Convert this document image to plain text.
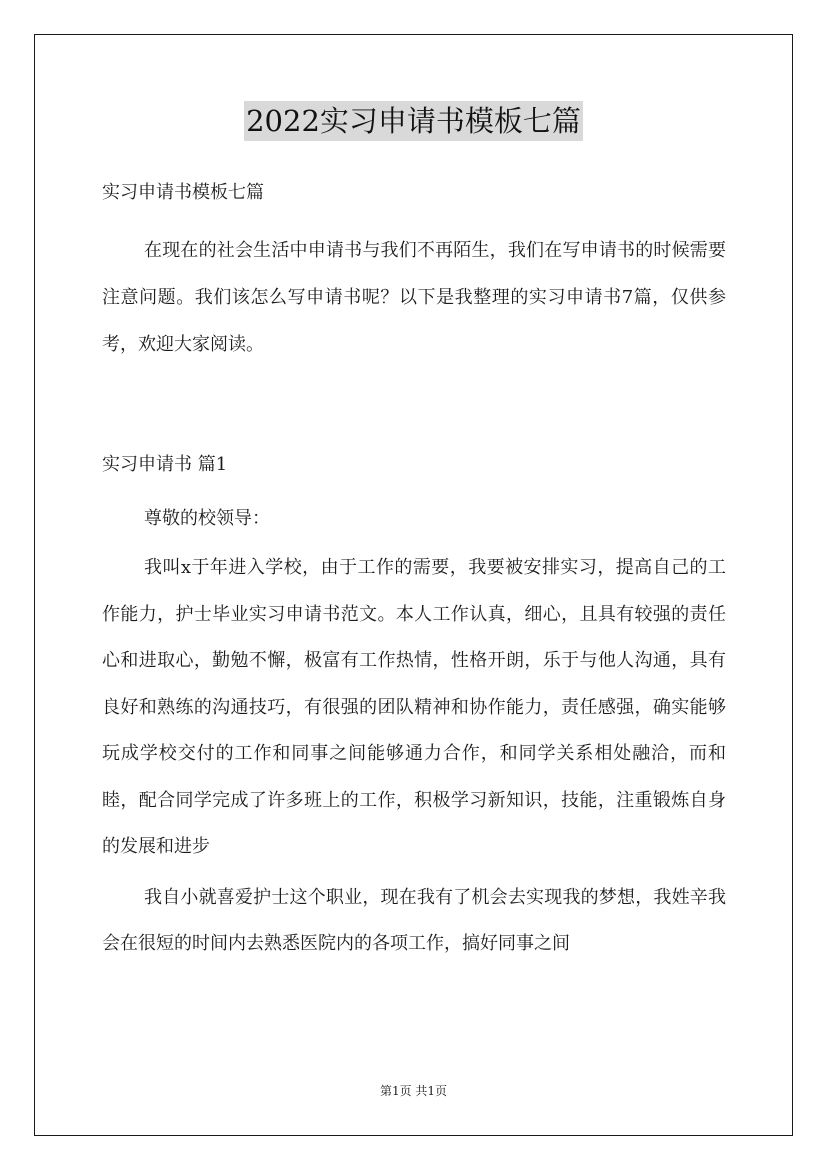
2022实习申请书模板七篇
实习申请书模板七篇

在现在的社会生活中申请书与我们不再陌生，我们在写申请书的时候需要注意问题。我们该怎么写申请书呢？以下是我整理的实习申请书7篇，仅供参考，欢迎大家阅读。

实习申请书 篇1

尊敬的校领导：

我叫x于年进入学校，由于工作的需要，我要被安排实习，提高自己的工作能力，护士毕业实习申请书范文。本人工作认真，细心，且具有较强的责任心和进取心，勤勉不懈，极富有工作热情，性格开朗，乐于与他人沟通，具有良好和熟练的沟通技巧，有很强的团队精神和协作能力，责任感强，确实能够玩成学校交付的工作和同事之间能够通力合作，和同学关系相处融洽，而和睦，配合同学完成了许多班上的工作，积极学习新知识，技能，注重锻炼自身的发展和进步

我自小就喜爱护士这个职业，现在我有了机会去实现我的梦想，我姓辛我会在很短的时间内去熟悉医院内的各项工作，搞好同事之间

第1页 共1页
